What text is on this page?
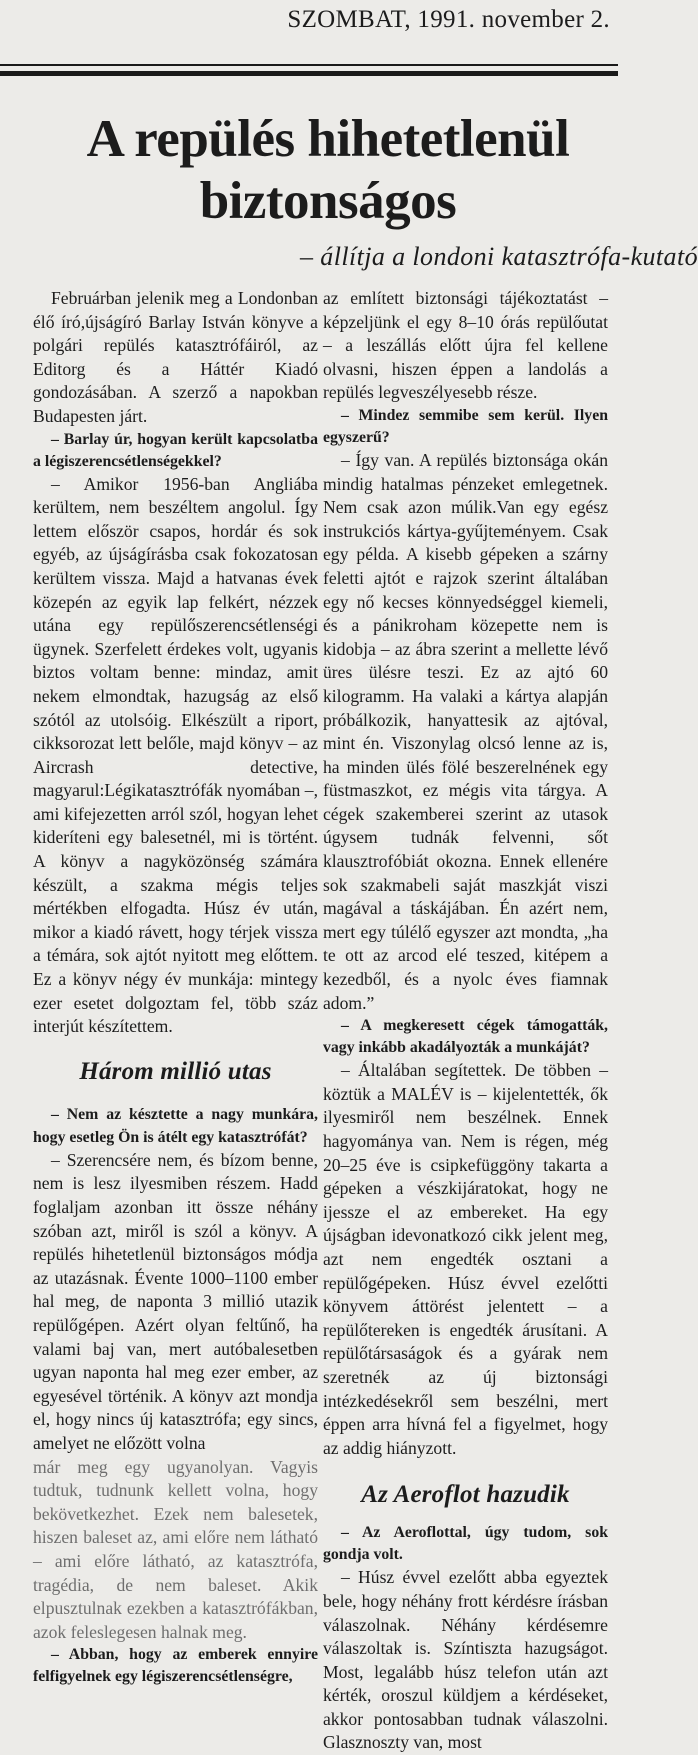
SZOMBAT, 1991. november 2.
A repülés hihetetlenül biztonságos
– állítja a londoni katasztrófa-kutató

Februárban jelenik meg a Londonban élő író,újságíró Barlay István könyve a polgári repülés katasztrófáiról, az Editorg és a Háttér Kiadó gondozásában. A szerző a napokban Budapesten járt.

– Barlay úr, hogyan került kapcsolatba a légiszerencsétlenségekkel?

– Amikor 1956-ban Angliába kerültem, nem beszéltem angolul. Így lettem először csapos, hordár és sok egyéb, az újságírásba csak fokozatosan kerültem vissza. Majd a hatvanas évek közepén az egyik lap felkért, nézzek utána egy repülőszerencsétlenségi ügynek. Szerfelett érdekes volt, ugyanis biztos voltam benne: mindaz, amit nekem elmondtak, hazugság az első szótól az utolsóig. Elkészült a riport, cikksorozat lett belőle, majd könyv – az Aircrash detective, magyarul:Légikatasztrófák nyomában –, ami kifejezetten arról szól, hogyan lehet kideríteni egy balesetnél, mi is történt. A könyv a nagyközönség számára készült, a szakma mégis teljes mértékben elfogadta. Húsz év után, mikor a kiadó rávett, hogy térjek vissza a témára, sok ajtót nyitott meg előttem. Ez a könyv négy év munkája: mintegy ezer esetet dolgoztam fel, több száz interjút készítettem.

Három millió utas

– Nem az késztette a nagy munkára, hogy esetleg Ön is átélt egy katasztrófát?

– Szerencsére nem, és bízom benne, nem is lesz ilyesmiben részem. Hadd foglaljam azonban itt össze néhány szóban azt, miről is szól a könyv. A repülés hihetetlenül biztonságos módja az utazásnak. Évente 1000–1100 ember hal meg, de naponta 3 millió utazik repülőgépen. Azért olyan feltűnő, ha valami baj van, mert autóbalesetben ugyan naponta hal meg ezer ember, az egyesével történik. A könyv azt mondja el, hogy nincs új katasztrófa; egy sincs, amelyet ne előzött volna

már meg egy ugyanolyan. Vagyis tudtuk, tudnunk kellett volna, hogy bekövetkezhet. Ezek nem balesetek, hiszen baleset az, ami előre nem látható – ami előre látható, az katasztrófa, tragédia, de nem baleset. Akik elpusztulnak ezekben a katasztrófákban, azok feleslegesen halnak meg.

– Abban, hogy az emberek ennyire felfigyelnek egy légiszerencsétlenségre,

az említett biztonsági tájékoztatást – képzeljünk el egy 8–10 órás repülőutat – a leszállás előtt újra fel kellene olvasni, hiszen éppen a landolás a repülés legveszélyesebb része.

– Mindez semmibe sem kerül. Ilyen egyszerű?

– Így van. A repülés biztonsága okán mindig hatalmas pénzeket emlegetnek. Nem csak azon múlik.Van egy egész instrukciós kártya-gyűjteményem. Csak egy példa. A kisebb gépeken a szárny feletti ajtót e rajzok szerint általában egy nő kecses könnyedséggel kiemeli, és a pánikroham közepette nem is kidobja – az ábra szerint a mellette lévő üres ülésre teszi. Ez az ajtó 60 kilogramm. Ha valaki a kártya alapján próbálkozik, hanyattesik az ajtóval, mint én. Viszonylag olcsó lenne az is, ha minden ülés fölé beszerelnének egy füstmaszkot, ez mégis vita tárgya. A cégek szakemberei szerint az utasok úgysem tudnák felvenni, sőt klausztrofóbiát okozna. Ennek ellenére sok szakmabeli saját maszkját viszi magával a táskájában. Én azért nem, mert egy túlélő egyszer azt mondta, „ha te ott az arcod elé teszed, kitépem a kezedből, és a nyolc éves fiamnak adom.”

– A megkeresett cégek támogatták, vagy inkább akadályozták a munkáját?

– Általában segítettek. De többen – köztük a MALÉV is – kijelentették, ők ilyesmiről nem beszélnek. Ennek hagyománya van. Nem is régen, még 20–25 éve is csipkefüggöny takarta a gépeken a vészkijáratokat, hogy ne ijessze el az embereket. Ha egy újságban idevonatkozó cikk jelent meg, azt nem engedték osztani a repülőgépeken. Húsz évvel ezelőtti könyvem áttörést jelentett – a repülőtereken is engedték árusítani. A repülőtársaságok és a gyárak nem szeretnék az új biztonsági intézkedésekről sem beszélni, mert éppen arra hívná fel a figyelmet, hogy az addig hiányzott.

Az Aeroflot hazudik

– Az Aeroflottal, úgy tudom, sok gondja volt.

– Húsz évvel ezelőtt abba egyeztek bele, hogy néhány frott kérdésre írásban válaszolnak. Néhány kérdésemre válaszoltak is. Színtiszta hazugságot. Most, legalább húsz telefon után azt kérték, oroszul küldjem a kérdéseket, akkor pontosabban tudnak válaszolni. Glasznoszty van, most
